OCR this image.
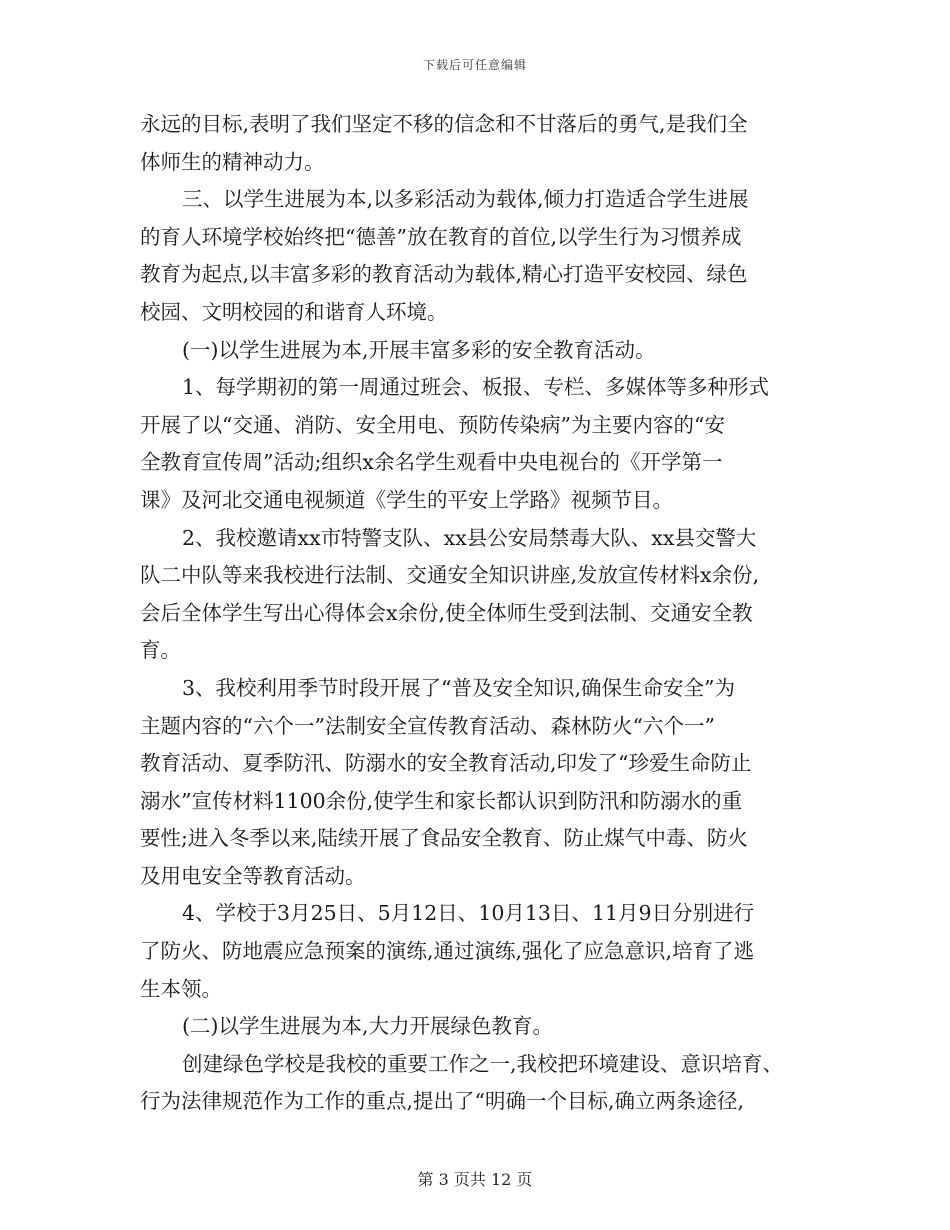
下载后可任意编辑
永远的目标,表明了我们坚定不移的信念和不甘落后的勇气,是我们全
体师生的精神动力。
三、以学生进展为本,以多彩活动为载体,倾力打造适合学生进展
的育人环境学校始终把“德善”放在教育的首位,以学生行为习惯养成
教育为起点,以丰富多彩的教育活动为载体,精心打造平安校园、绿色
校园、文明校园的和谐育人环境。
(一)以学生进展为本,开展丰富多彩的安全教育活动。
1、每学期初的第一周通过班会、板报、专栏、多媒体等多种形式
开展了以“交通、消防、安全用电、预防传染病”为主要内容的“安
全教育宣传周”活动;组织x余名学生观看中央电视台的《开学第一
课》及河北交通电视频道《学生的平安上学路》视频节目。
2、我校邀请xx市特警支队、xx县公安局禁毒大队、xx县交警大
队二中队等来我校进行法制、交通安全知识讲座,发放宣传材料x余份,
会后全体学生写出心得体会x余份,使全体师生受到法制、交通安全教
育。
3、我校利用季节时段开展了“普及安全知识,确保生命安全”为
主题内容的“六个一”法制安全宣传教育活动、森林防火“六个一”
教育活动、夏季防汛、防溺水的安全教育活动,印发了“珍爱生命防止
溺水”宣传材料1100余份,使学生和家长都认识到防汛和防溺水的重
要性;进入冬季以来,陆续开展了食品安全教育、防止煤气中毒、防火
及用电安全等教育活动。
4、学校于3月25日、5月12日、10月13日、11月9日分别进行
了防火、防地震应急预案的演练,通过演练,强化了应急意识,培育了逃
生本领。
(二)以学生进展为本,大力开展绿色教育。
创建绿色学校是我校的重要工作之一,我校把环境建设、意识培育、
行为法律规范作为工作的重点,提出了“明确一个目标,确立两条途径,
第 3 页共 12 页
